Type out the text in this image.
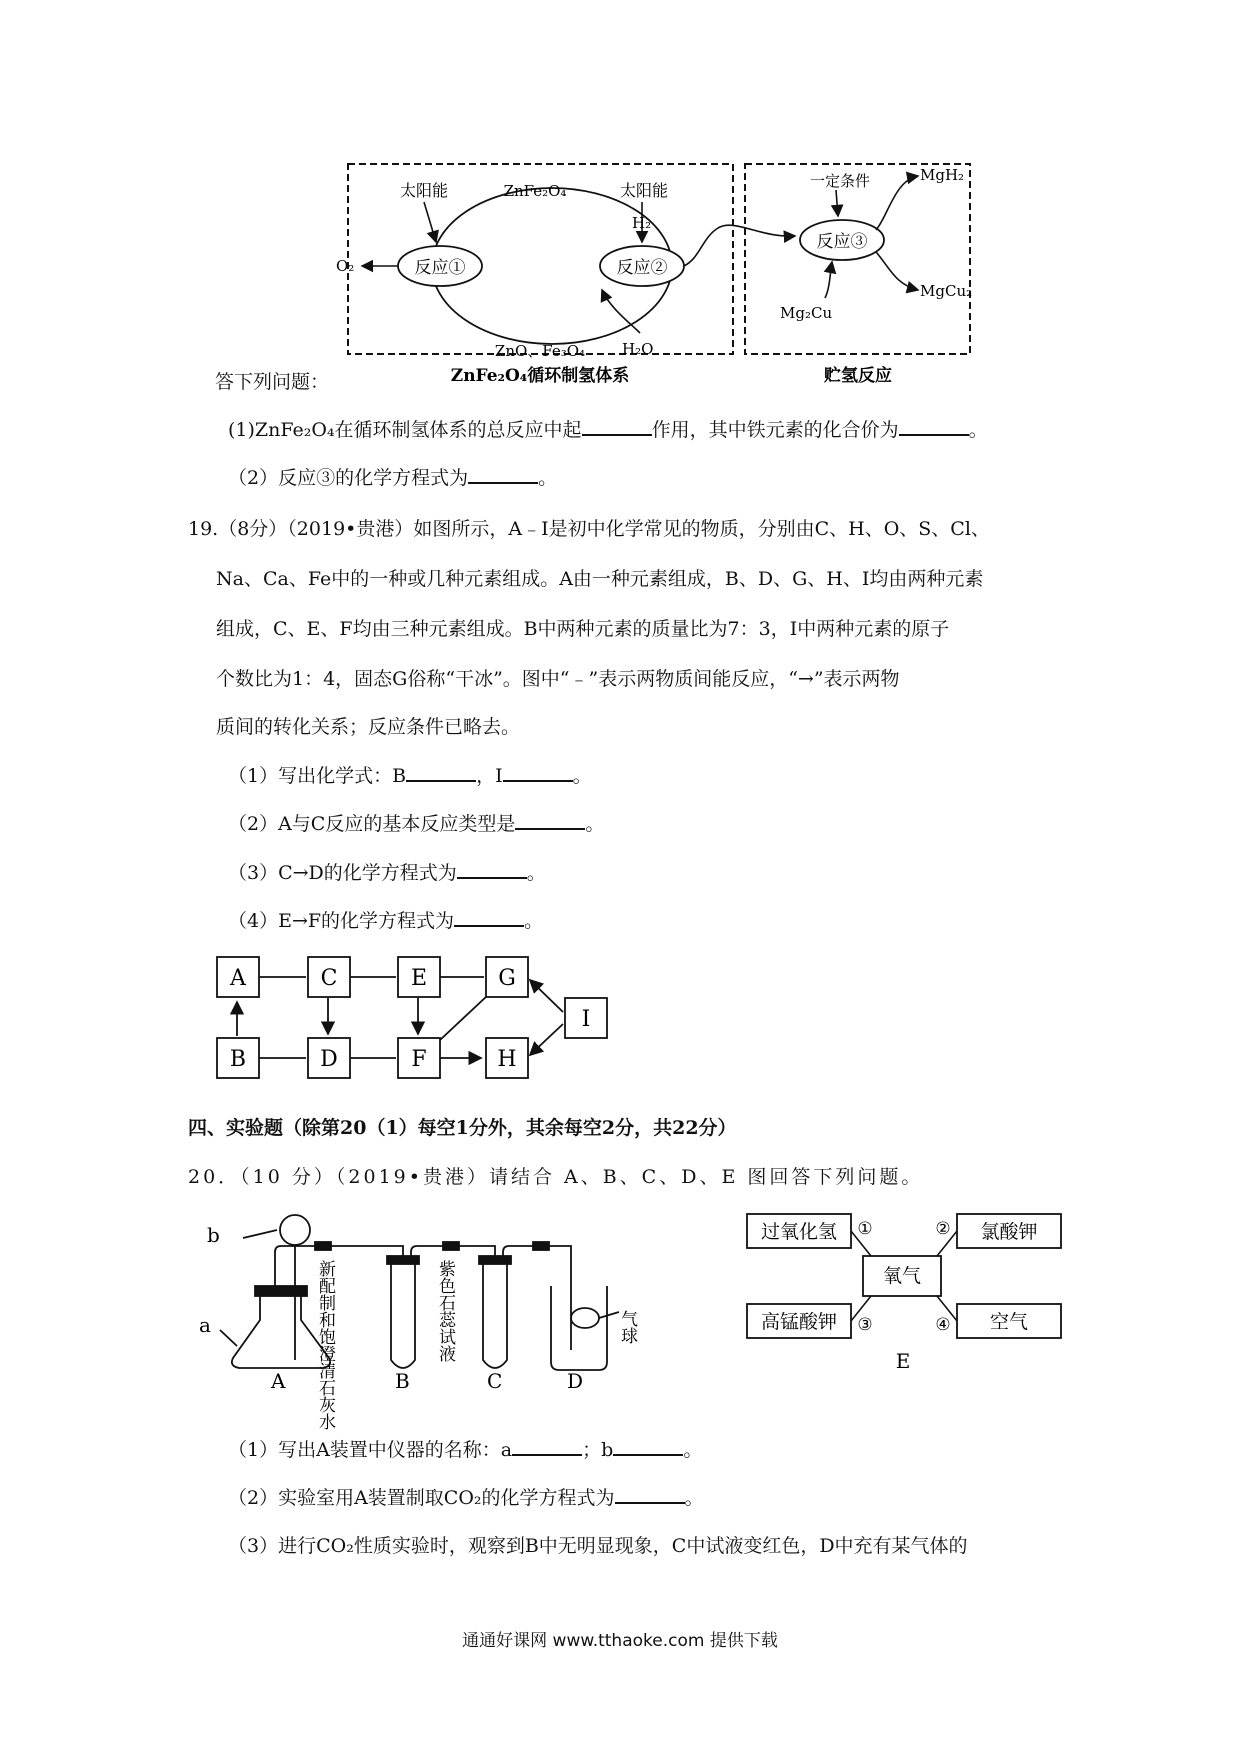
反应①	反应②
反应③
太阳能	太阳能
ZnFe₂O₄
ZnO、Fe₃O₄
O₂
H₂O
H₂
一定条件	MgH₂
MgCu₂
Mg₂Cu
ZnFe₂O₄循环制氢体系	贮氢反应
答下列问题：
(1)ZnFe₂O₄在循环制氢体系的总反应中起	作用，其中铁元素的化合价为	。
（2）反应③的化学方程式为	。
19.（8分）（2019•贵港）如图所示，A﹣I是初中化学常见的物质，分别由C、H、O、S、Cl、
Na、Ca、Fe中的一种或几种元素组成。A由一种元素组成，B、D、G、H、I均由两种元素
组成，C、E、F均由三种元素组成。B中两种元素的质量比为7：3，I中两种元素的原子
个数比为1：4，固态G俗称“干冰”。图中“﹣”表示两物质间能反应，“→”表示两物
质间的转化关系；反应条件已略去。
（1）写出化学式：B	，I	。
（2）A与C反应的基本反应类型是	。
（3）C→D的化学方程式为	。
（4）E→F的化学方程式为	。
A
B
C
D
E
F
G
H
I
四、实验题（除第20（1）每空1分外，其余每空2分，共22分）
20．（10 分）（2019•贵港）请结合 A、B、C、D、E 图回答下列问题。
b
a
A	B	C	D
新配制和饱澄清石灰水	紫色石蕊试液	气球
过氧化氢	氯酸钾
高锰酸钾	空气
氧气
①	②
③	④
E
（1）写出A装置中仪器的名称：a	；b	。
（2）实验室用A装置制取CO₂的化学方程式为	。
（3）进行CO₂性质实验时，观察到B中无明显现象，C中试液变红色，D中充有某气体的
通通好课网 www.tthaoke.com 提供下载
